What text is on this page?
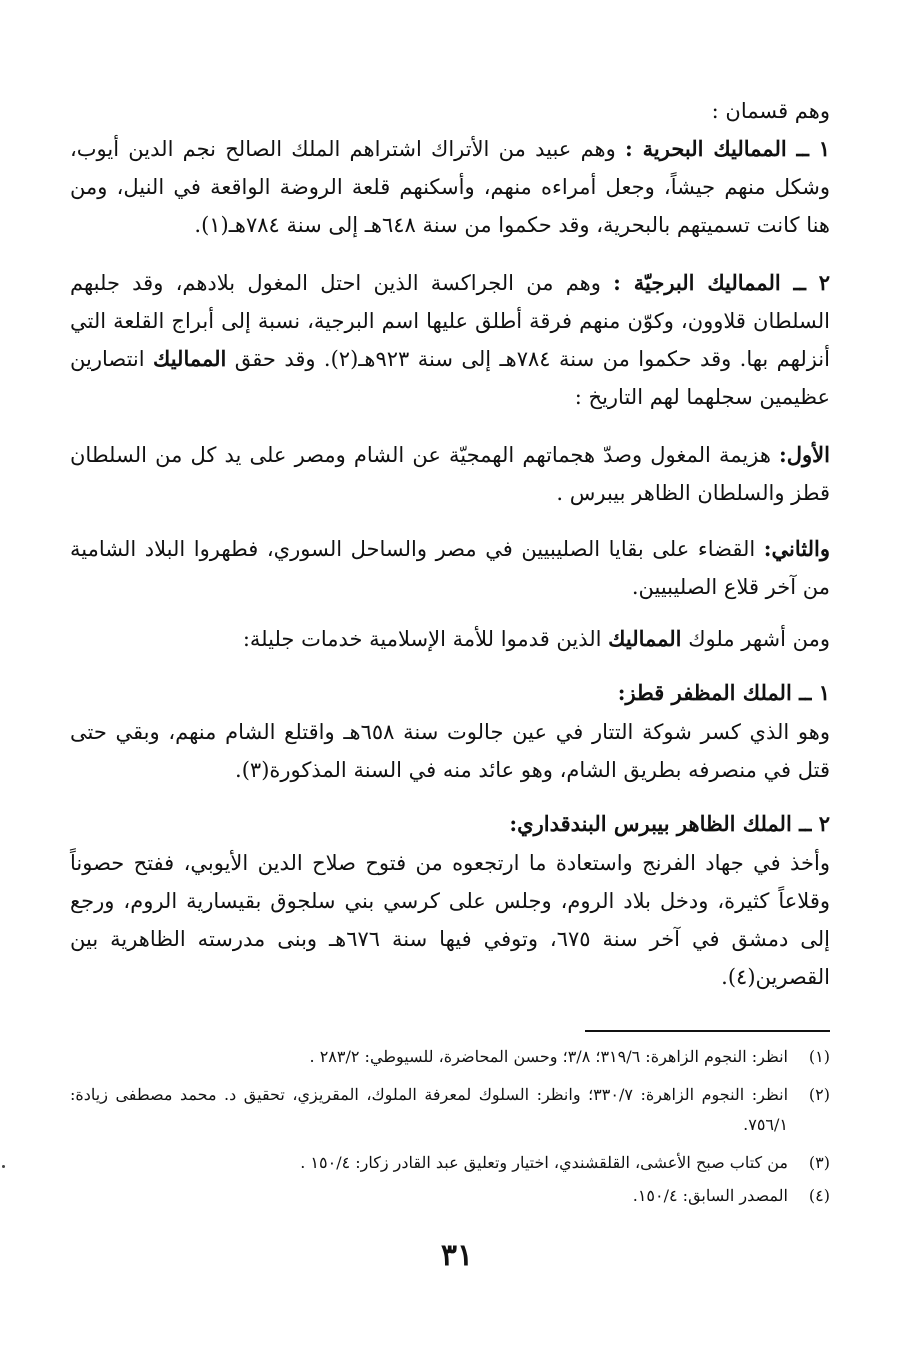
وهم قسمان :
١ ــ المماليك البحرية : وهم عبيد من الأتراك اشتراهم الملك الصالح نجم الدين أيوب، وشكل منهم جيشاً، وجعل أمراءه منهم، وأسكنهم قلعة الروضة الواقعة في النيل، ومن هنا كانت تسميتهم بالبحرية، وقد حكموا من سنة ٦٤٨هـ إلى سنة ٧٨٤هـ(١).
٢ ــ المماليك البرجيّة : وهم من الجراكسة الذين احتل المغول بلادهم، وقد جلبهم السلطان قلاوون، وكوّن منهم فرقة أطلق عليها اسم البرجية، نسبة إلى أبراج القلعة التي أنزلهم بها. وقد حكموا من سنة ٧٨٤هـ إلى سنة ٩٢٣هـ(٢). وقد حقق المماليك انتصارين عظيمين سجلهما لهم التاريخ :
الأول: هزيمة المغول وصدّ هجماتهم الهمجيّة عن الشام ومصر على يد كل من السلطان قطز والسلطان الظاهر بيبرس .
والثاني: القضاء على بقايا الصليبيين في مصر والساحل السوري، فطهروا البلاد الشامية من آخر قلاع الصليبيين.
ومن أشهر ملوك المماليك الذين قدموا للأمة الإسلامية خدمات جليلة:
١ ــ الملك المظفر قطز:
وهو الذي كسر شوكة التتار في عين جالوت سنة ٦٥٨هـ واقتلع الشام منهم، وبقي حتى قتل في منصرفه بطريق الشام، وهو عائد منه في السنة المذكورة(٣).
٢ ــ الملك الظاهر بيبرس البندقداري:
وأخذ في جهاد الفرنج واستعادة ما ارتجعوه من فتوح صلاح الدين الأيوبي، ففتح حصوناً وقلاعاً كثيرة، ودخل بلاد الروم، وجلس على كرسي بني سلجوق بقيسارية الروم، ورجع إلى دمشق في آخر سنة ٦٧٥، وتوفي فيها سنة ٦٧٦هـ وبنى مدرسته الظاهرية بين القصرين(٤).
(١)
انظر: النجوم الزاهرة: ٣١٩/٦؛ ٣/٨؛ وحسن المحاضرة، للسيوطي: ٢٨٣/٢ .
(٢)
انظر: النجوم الزاهرة: ٣٣٠/٧؛ وانظر: السلوك لمعرفة الملوك، المقريزي، تحقيق د. محمد مصطفى زيادة: ٧٥٦/١.
(٣)
من كتاب صبح الأعشى، القلقشندي، اختيار وتعليق عبد القادر زكار: ١٥٠/٤ .
(٤)
المصدر السابق: ١٥٠/٤.
٣١
